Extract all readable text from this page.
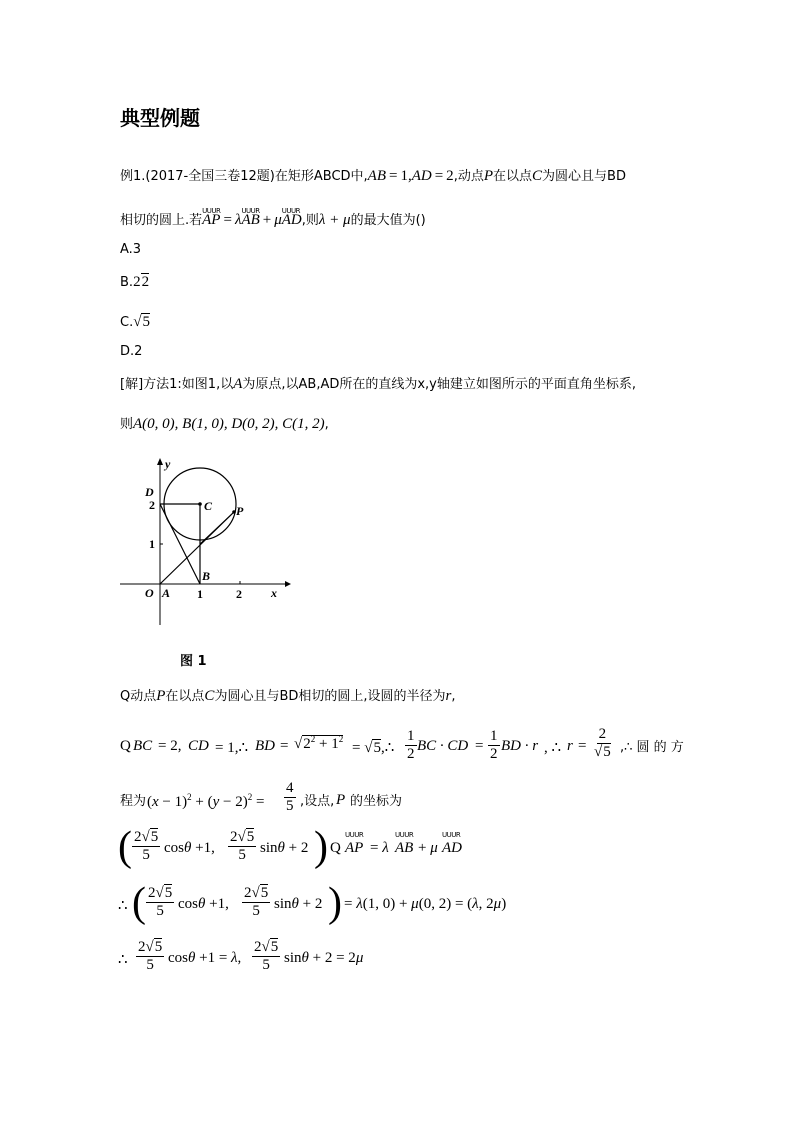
典型例题
例1.(2017-全国三卷12题)在矩形ABCD中,AB = 1,AD = 2,动点P在以点C为圆心且与BD
相切的圆上.若UUUR AP = λUUUR AB + μUUUR AD,则λ + μ的最大值为()
A.3
B.22
C.√5
D.2
[解]方法1:如图1,以A为原点,以AB,AD所在的直线为x,y轴建立如图所示的平面直角坐标系,
则A(0, 0), B(1, 0), D(0, 2), C(1, 2),
y
x
O A
B
C
D
P
2
1
1	2
图 1
Q动点P在以点C为圆心且与BD相切的圆上,设圆的半径为r,
Q BC = 2, CD = 1,∴ BD = $√2^2 + 1^2$
= √5,∴ $\frac{1}{2}$ BC · CD = $\frac{1}{2}$ BD · r , ∴ $r = \frac{2}{√5}$ ,∴ 圆 的 方
程为 $(x - 1)^2 + (y - 2)^2 = \frac{4}{5}$ ,设点, P 的坐标为
( $\frac{2√5}{5}$ cosθ +1, $\frac{2√5}{5}$ sinθ + 2 ) Q UUUR AP = λ UUUR AB + μ UUUR AD
∴ ( $\frac{2√5}{5}$ cosθ +1, $\frac{2√5}{5}$ sinθ + 2 ) = λ(1, 0) + μ(0, 2) = (λ, 2μ)
∴ $\frac{2√5}{5}$ cosθ +1 = λ, $\frac{2√5}{5}$ sinθ + 2 = 2μ
